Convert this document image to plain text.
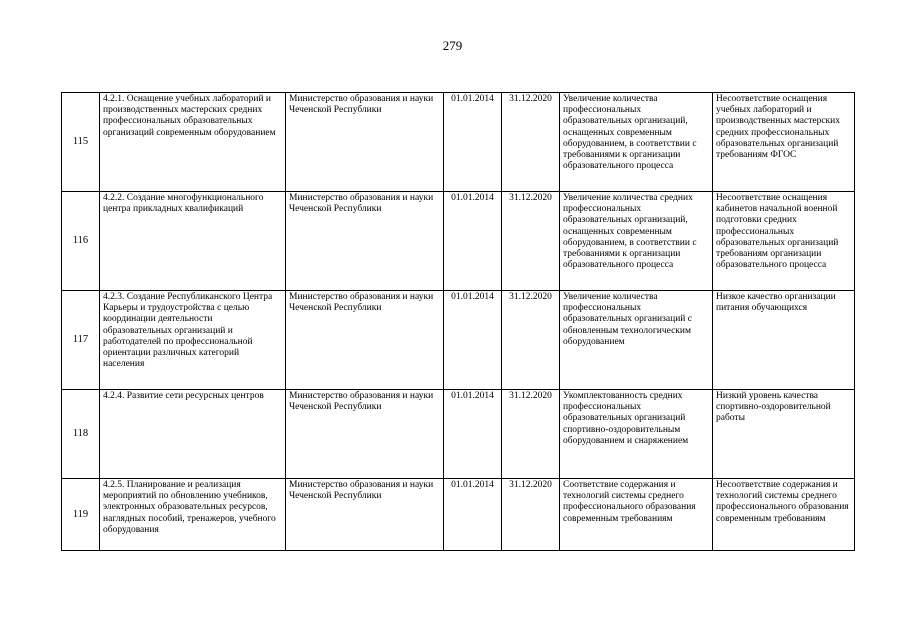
279
115	4.2.1. Оснащение учебных лабораторий и производственных мастерских средних профессиональных образовательных организаций современным оборудованием	Министерство образования и науки Чеченской Республики	01.01.2014	31.12.2020	Увеличение количества профессиональных образовательных организаций, оснащенных современным оборудованием, в соответствии с требованиями к организации образовательного процесса	Несоответствие оснащения учебных лабораторий и производственных мастерских средних профессиональных образовательных организаций требованиям ФГОС
116	4.2.2. Создание многофункционального центра прикладных квалификаций	Министерство образования и науки Чеченской Республики	01.01.2014	31.12.2020	Увеличение количества средних профессиональных образовательных организаций, оснащенных современным оборудованием, в соответствии с требованиями к организации образовательного процесса	Несоответствие оснащения кабинетов начальной военной подготовки средних профессиональных образовательных организаций требованиям организации образовательного процесса
117	4.2.3. Создание Республиканского Центра Карьеры и трудоустройства с целью координации деятельности образовательных организаций и работодателей по профессиональной ориентации различных категорий населения	Министерство образования и науки Чеченской Республики	01.01.2014	31.12.2020	Увеличение количества профессиональных образовательных организаций с обновленным технологическим оборудованием	Низкое качество организации питания обучающихся
118	4.2.4. Развитие сети ресурсных центров	Министерство образования и науки Чеченской Республики	01.01.2014	31.12.2020	Укомплектованность средних профессиональных образовательных организаций спортивно-оздоровительным оборудованием и снаряжением	Низкий уровень качества спортивно-оздоровительной работы
119	4.2.5. Планирование и реализация мероприятий по обновлению учебников, электронных образовательных ресурсов, наглядных пособий, тренажеров, учебного оборудования	Министерство образования и науки Чеченской Республики	01.01.2014	31.12.2020	Соответствие содержания и технологий системы среднего профессионального образования современным требованиям	Несоответствие содержания и технологий системы среднего профессионального образования современным требованиям
